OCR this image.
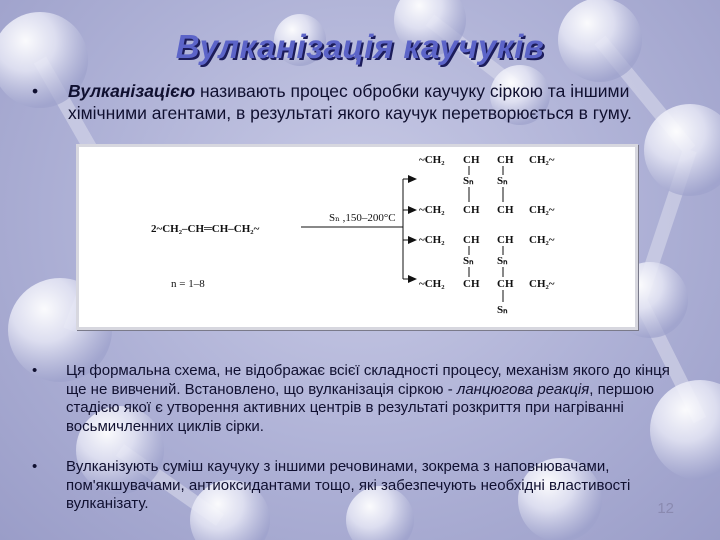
Вулканізація каучуків
• Вулканізацією називають процес обробки каучуку сіркою та іншими хімічними агентами, в результаті якого каучук перетворюється в гуму.
2~CH₂–CH═CH–CH₂~
Sₙ ,150–200°C
n = 1–8
~CH₂ CH CH CH₂~
~CH₂ CH CH CH₂~
~CH₂ CH CH CH₂~
~CH₂ CH CH CH₂~
Sₙ Sₙ
Sₙ Sₙ
Sₙ
• Ця формальна схема, не відображає всієї складності процесу, механізм якого до кінця ще не вивчений. Встановлено, що вулканізація сіркою - ланцюгова реакція, першою стадією якої є утворення активних центрів в результаті розкриття при нагріванні восьмичленних циклів сірки.
• Вулканізують суміш каучуку з іншими речовинами, зокрема з наповнювачами, пом'якшувачами, антиоксидантами тощо, які забезпечують необхідні властивості вулканізату.	12
